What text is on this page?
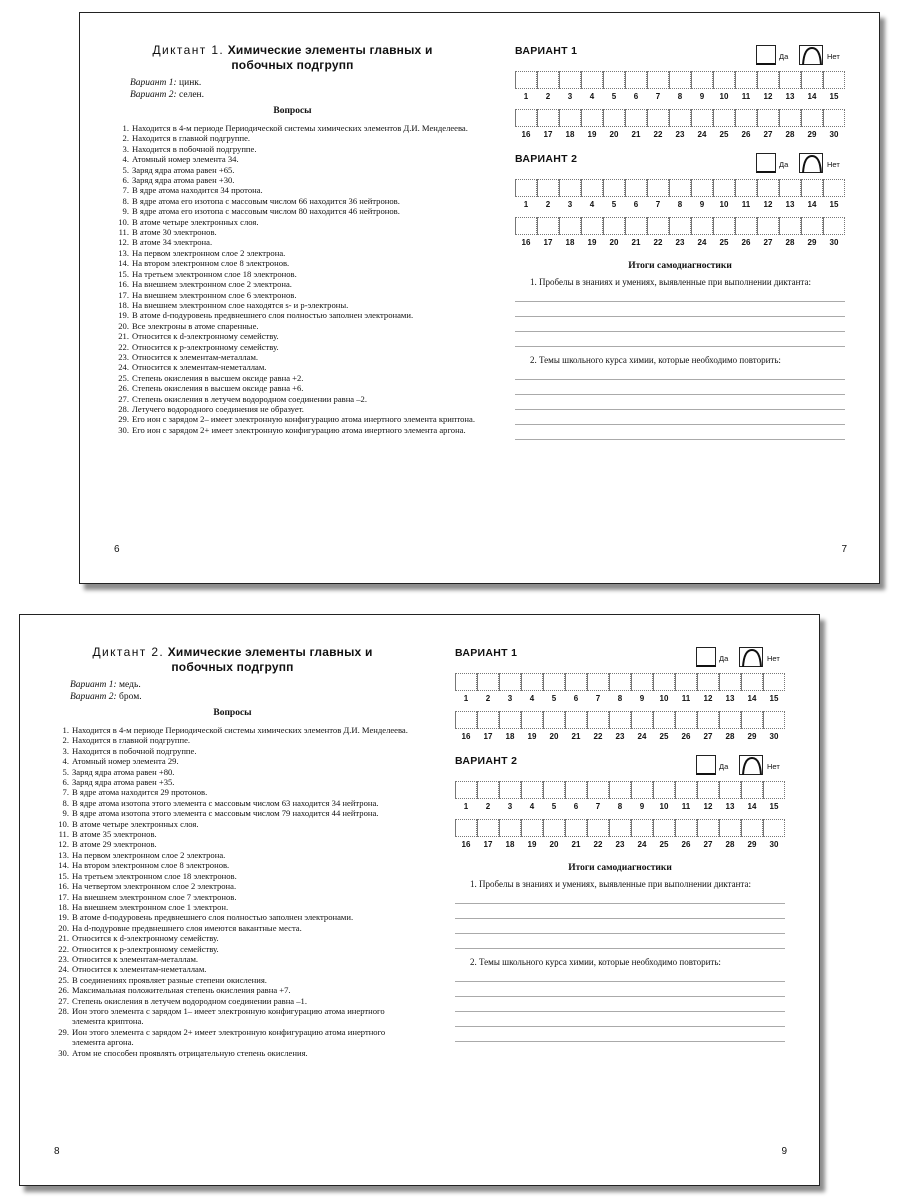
Диктант 1. Химические элементы главных и побочных подгрупп
Вариант 1: цинк.
Вариант 2: селен.
Вопросы
1. Находится в 4-м периоде Периодической системы химических элементов Д.И. Менделеева.
2. Находится в главной подгруппе.
3. Находится в побочной подгруппе.
4. Атомный номер элемента 34.
5. Заряд ядра атома равен +65.
6. Заряд ядра атома равен +30.
7. В ядре атома находится 34 протона.
8. В ядре атома его изотопа с массовым числом 66 находится 36 нейтронов.
9. В ядре атома его изотопа с массовым числом 80 находится 46 нейтронов.
10. В атоме четыре электронных слоя.
11. В атоме 30 электронов.
12. В атоме 34 электрона.
13. На первом электронном слое 2 электрона.
14. На втором электронном слое 8 электронов.
15. На третьем электронном слое 18 электронов.
16. На внешнем электронном слое 2 электрона.
17. На внешнем электронном слое 6 электронов.
18. На внешнем электронном слое находятся s- и p-электроны.
19. В атоме d-подуровень предвнешнего слоя полностью заполнен электронами.
20. Все электроны в атоме спаренные.
21. Относится к d-электронному семейству.
22. Относится к p-электронному семейству.
23. Относится к элементам-металлам.
24. Относится к элементам-неметаллам.
25. Степень окисления в высшем оксиде равна +2.
26. Степень окисления в высшем оксиде равна +6.
27. Степень окисления в летучем водородном соединении равна –2.
28. Летучего водородного соединения не образует.
29. Его ион с зарядом 2– имеет электронную конфигурацию атома инертного элемента криптона.
30. Его ион с зарядом 2+ имеет электронную конфигурацию атома инертного элемента аргона.
6
ВАРИАНТ 1	Да	Нет
1	2	3	4	5	6	7	8	9	10	11	12	13	14	15
16	17	18	19	20	21	22	23	24	25	26	27	28	29	30
ВАРИАНТ 2	Да	Нет
1	2	3	4	5	6	7	8	9	10	11	12	13	14	15
16	17	18	19	20	21	22	23	24	25	26	27	28	29	30
Итоги самодиагностики
1. Пробелы в знаниях и умениях, выявленные при выполнении диктанта:
2. Темы школьного курса химии, которые необходимо повторить:
7
Диктант 2. Химические элементы главных и побочных подгрупп
Вариант 1: медь.
Вариант 2: бром.
Вопросы
1. Находится в 4-м периоде Периодической системы химических элементов Д.И. Менделеева.
2. Находится в главной подгруппе.
3. Находится в побочной подгруппе.
4. Атомный номер элемента 29.
5. Заряд ядра атома равен +80.
6. Заряд ядра атома равен +35.
7. В ядре атома находится 29 протонов.
8. В ядре атома изотопа этого элемента с массовым числом 63 находится 34 нейтрона.
9. В ядре атома изотопа этого элемента с массовым числом 79 находится 44 нейтрона.
10. В атоме четыре электронных слоя.
11. В атоме 35 электронов.
12. В атоме 29 электронов.
13. На первом электронном слое 2 электрона.
14. На втором электронном слое 8 электронов.
15. На третьем электронном слое 18 электронов.
16. На четвертом электронном слое 2 электрона.
17. На внешнем электронном слое 7 электронов.
18. На внешнем электронном слое 1 электрон.
19. В атоме d-подуровень предвнешнего слоя полностью заполнен электронами.
20. На d-подуровне предвнешнего слоя имеются вакантные места.
21. Относится к d-электронному семейству.
22. Относится к p-электронному семейству.
23. Относится к элементам-металлам.
24. Относится к элементам-неметаллам.
25. В соединениях проявляет разные степени окисления.
26. Максимальная положительная степень окисления равна +7.
27. Степень окисления в летучем водородном соединении равна –1.
28. Ион этого элемента с зарядом 1– имеет электронную конфигурацию атома инертного элемента криптона.
29. Ион этого элемента с зарядом 2+ имеет электронную конфигурацию атома инертного элемента аргона.
30. Атом не способен проявлять отрицательную степень окисления.
8
ВАРИАНТ 1	Да	Нет
1	2	3	4	5	6	7	8	9	10	11	12	13	14	15
16	17	18	19	20	21	22	23	24	25	26	27	28	29	30
ВАРИАНТ 2	Да	Нет
1	2	3	4	5	6	7	8	9	10	11	12	13	14	15
16	17	18	19	20	21	22	23	24	25	26	27	28	29	30
Итоги самодиагностики
1. Пробелы в знаниях и умениях, выявленные при выполнении диктанта:
2. Темы школьного курса химии, которые необходимо повторить:
9
